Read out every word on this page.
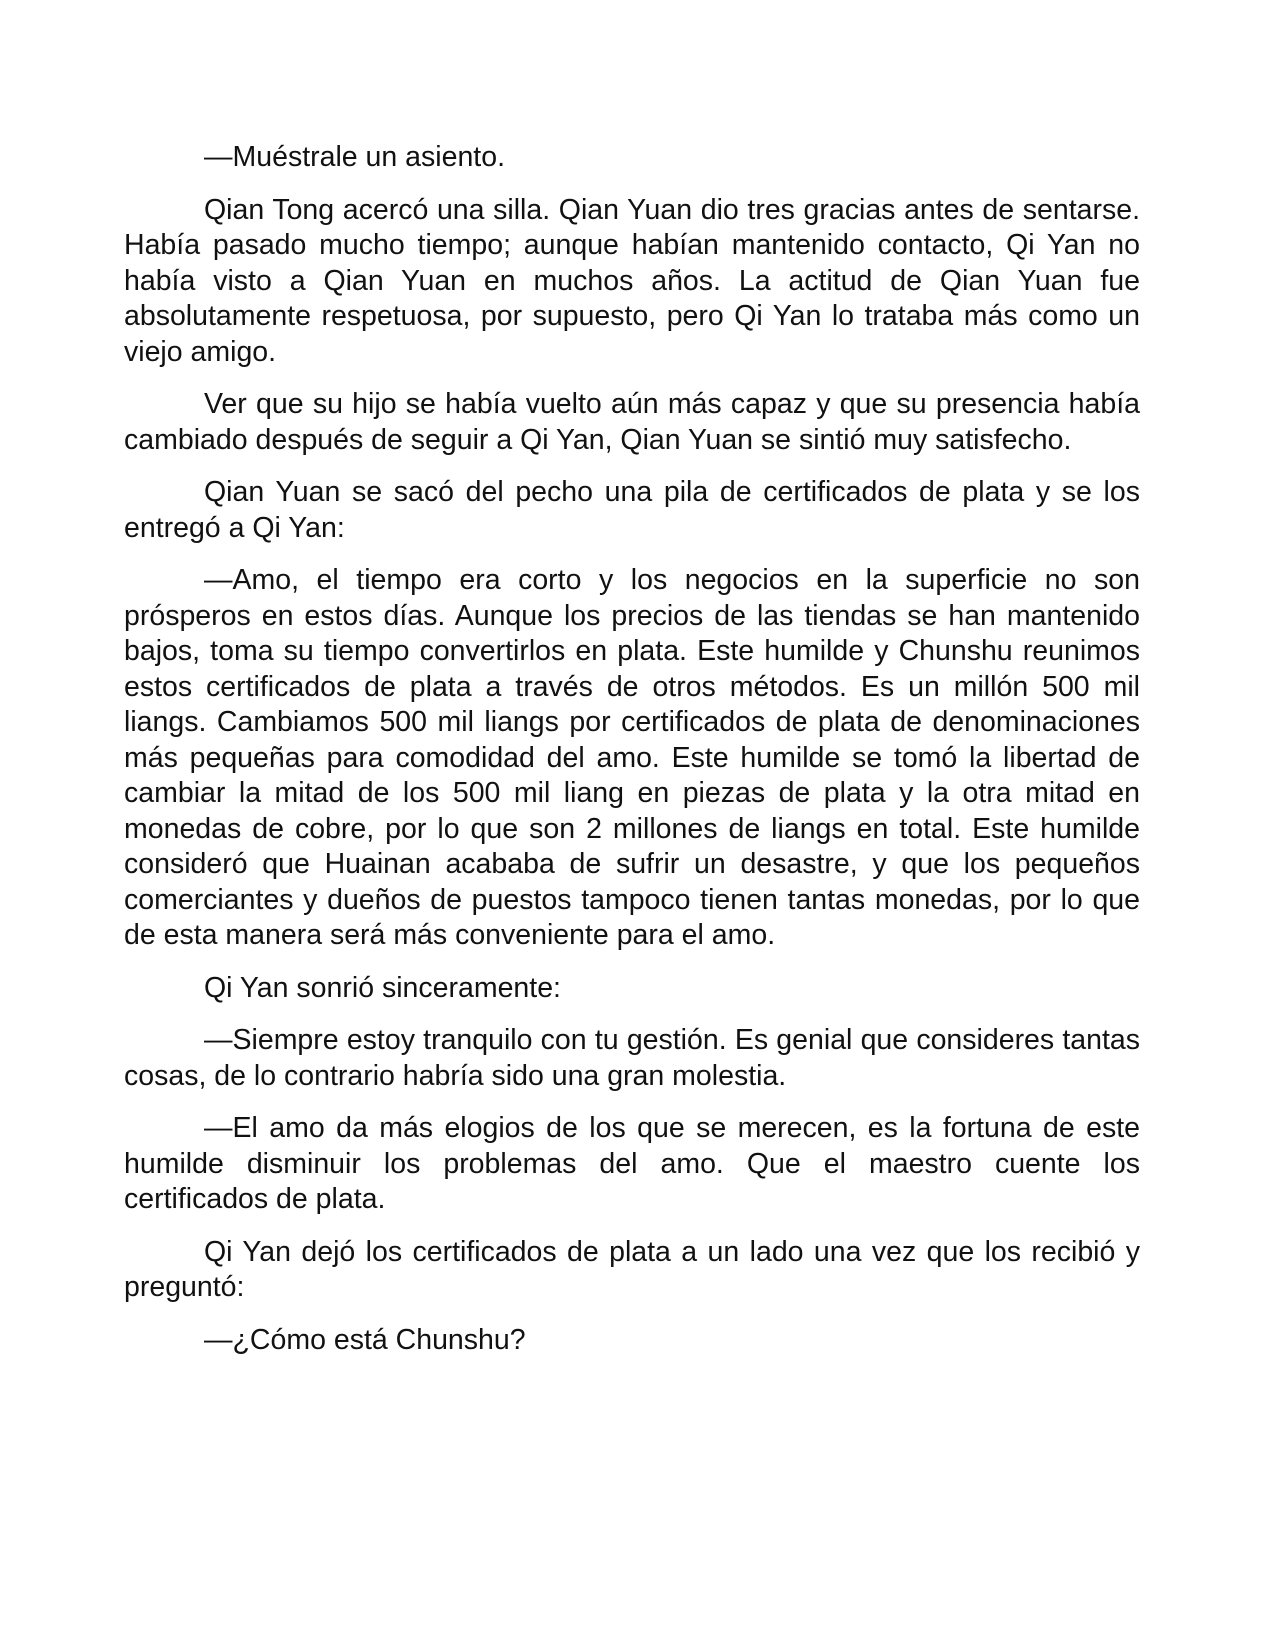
—Muéstrale un asiento.

Qian Tong acercó una silla. Qian Yuan dio tres gracias antes de sentarse. Había pasado mucho tiempo; aunque habían mantenido contacto, Qi Yan no había visto a Qian Yuan en muchos años. La actitud de Qian Yuan fue absolutamente respetuosa, por supuesto, pero Qi Yan lo trataba más como un viejo amigo.

Ver que su hijo se había vuelto aún más capaz y que su presencia había cambiado después de seguir a Qi Yan, Qian Yuan se sintió muy satisfecho.

Qian Yuan se sacó del pecho una pila de certificados de plata y se los entregó a Qi Yan:

—Amo, el tiempo era corto y los negocios en la superficie no son prósperos en estos días. Aunque los precios de las tiendas se han mantenido bajos, toma su tiempo convertirlos en plata. Este humilde y Chunshu reunimos estos certificados de plata a través de otros métodos. Es un millón 500 mil liangs. Cambiamos 500 mil liangs por certificados de plata de denominaciones más pequeñas para comodidad del amo. Este humilde se tomó la libertad de cambiar la mitad de los 500 mil liang en piezas de plata y la otra mitad en monedas de cobre, por lo que son 2 millones de liangs en total. Este humilde consideró que Huainan acababa de sufrir un desastre, y que los pequeños comerciantes y dueños de puestos tampoco tienen tantas monedas, por lo que de esta manera será más conveniente para el amo.

Qi Yan sonrió sinceramente:

—Siempre estoy tranquilo con tu gestión. Es genial que consideres tantas cosas, de lo contrario habría sido una gran molestia.

—El amo da más elogios de los que se merecen, es la fortuna de este humilde disminuir los problemas del amo. Que el maestro cuente los certificados de plata.

Qi Yan dejó los certificados de plata a un lado una vez que los recibió y preguntó:

—¿Cómo está Chunshu?
